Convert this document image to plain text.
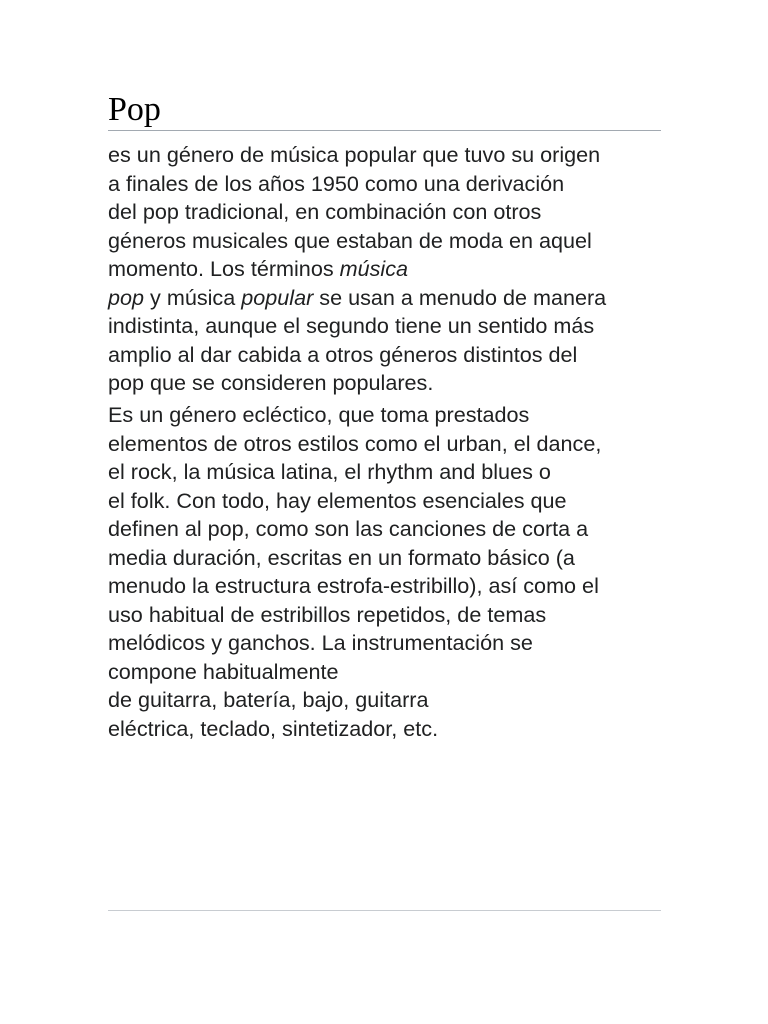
Pop

es un género de música popular que tuvo su origen
a finales de los años 1950 como una derivación
del pop tradicional, en combinación con otros
géneros musicales que estaban de moda en aquel
momento. Los términos música
pop y música popular se usan a menudo de manera
indistinta, aunque el segundo tiene un sentido más
amplio al dar cabida a otros géneros distintos del
pop que se consideren populares.

Es un género ecléctico, que toma prestados
elementos de otros estilos como el urban, el dance,
el rock, la música latina, el rhythm and blues o
el folk. Con todo, hay elementos esenciales que
definen al pop, como son las canciones de corta a
media duración, escritas en un formato básico (a
menudo la estructura estrofa-estribillo), así como el
uso habitual de estribillos repetidos, de temas
melódicos y ganchos. La instrumentación se
compone habitualmente
de guitarra, batería, bajo, guitarra
eléctrica, teclado, sintetizador, etc.
